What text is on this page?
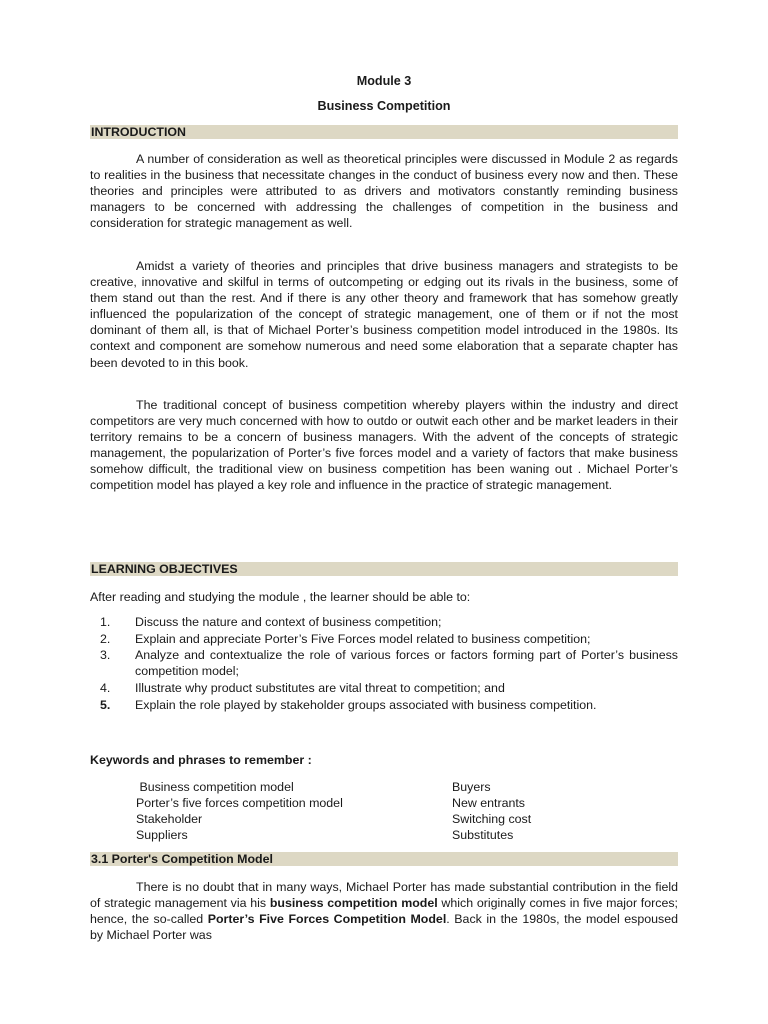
Module 3
Business Competition
INTRODUCTION

A number of consideration as well as theoretical principles were discussed in Module 2 as regards to realities in the business that necessitate changes in the conduct of business every now and then. These theories and principles were attributed to as drivers and motivators constantly reminding business managers to be concerned with addressing the challenges of competition in the business and consideration for strategic management as well.

Amidst a variety of theories and principles that drive business managers and strategists to be creative, innovative and skilful in terms of outcompeting or edging out its rivals in the business, some of them stand out than the rest. And if there is any other theory and framework that has somehow greatly influenced the popularization of the concept of strategic management, one of them or if not the most dominant of them all, is that of Michael Porter’s business competition model introduced in the 1980s. Its context and component are somehow numerous and need some elaboration that a separate chapter has been devoted to in this book.

The traditional concept of business competition whereby players within the industry and direct competitors are very much concerned with how to outdo or outwit each other and be market leaders in their territory remains to be a concern of business managers. With the advent of the concepts of strategic management, the popularization of Porter’s five forces model and a variety of factors that make business somehow difficult, the traditional view on business competition has been waning out . Michael Porter’s competition model has played a key role and influence in the practice of strategic management.

LEARNING OBJECTIVES

After reading and studying the module , the learner should be able to:

1. Discuss the nature and context of business competition;
2. Explain and appreciate Porter’s Five Forces model related to business competition;
3. Analyze and contextualize the role of various forces or factors forming part of Porter’s business competition model;
4. Illustrate why product substitutes are vital threat to competition; and
5. Explain the role played by stakeholder groups associated with business competition.

Keywords and phrases to remember :

Business competition model
Porter’s five forces competition model
Stakeholder
Suppliers
Buyers
New entrants
Switching cost
Substitutes
3.1 Porter's Competition Model

There is no doubt that in many ways, Michael Porter has made substantial contribution in the field of strategic management via his business competition model which originally comes in five major forces; hence, the so-called Porter’s Five Forces Competition Model. Back in the 1980s, the model espoused by Michael Porter was
